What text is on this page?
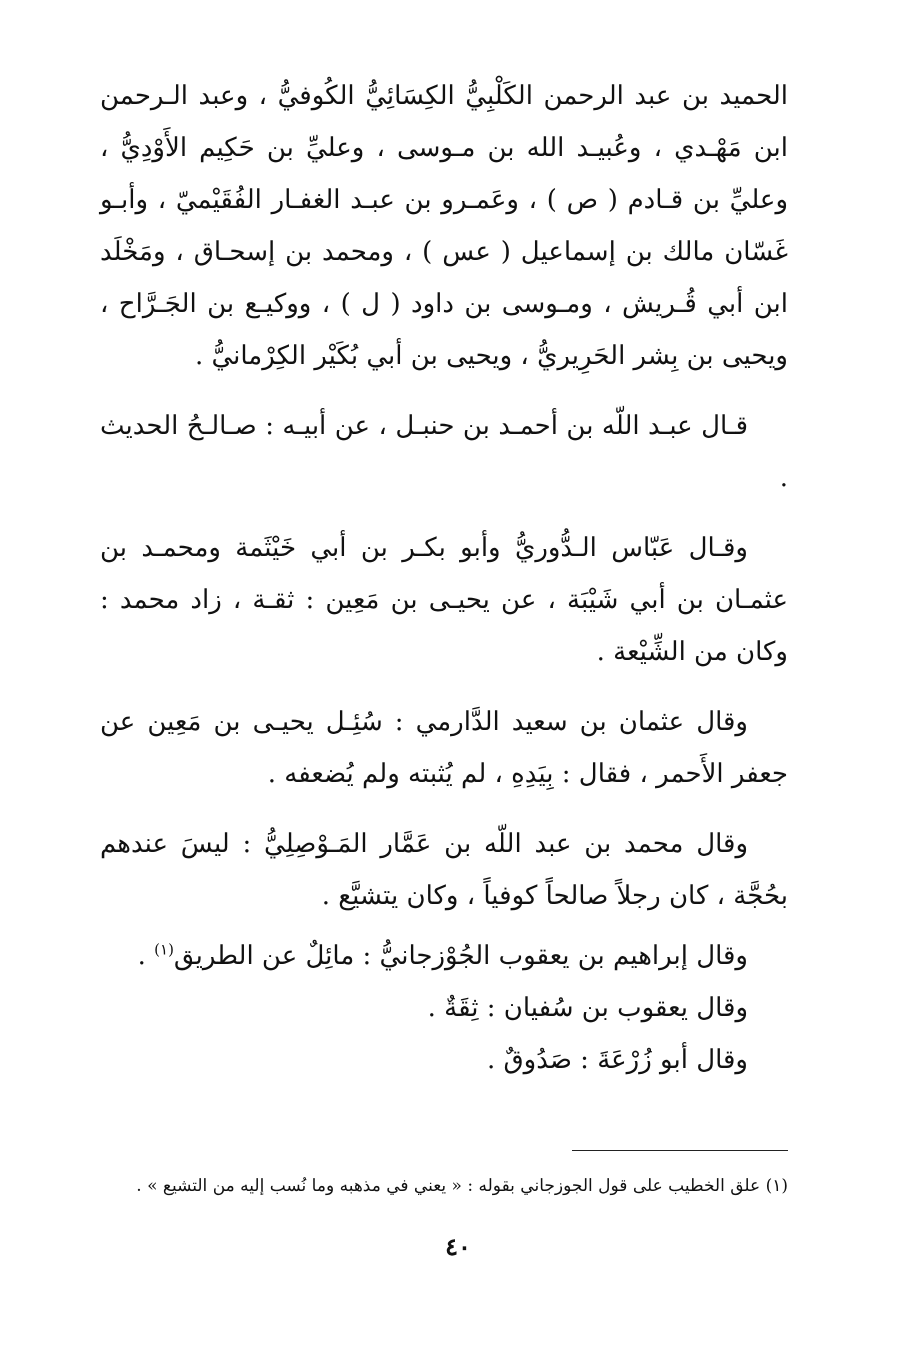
الحميد بن عبد الرحمن الكَلْبِيُّ الكِسَائِيُّ الكُوفيُّ ، وعبد الـرحمن ابن مَهْـدي ، وعُبيـد الله بن مـوسى ، وعليِّ بن حَكِيم الأَوْدِيُّ ، وعليِّ بن قـادم ( ص ) ، وعَمـرو بن عبـد الغفـار الفُقَيْميّ ، وأبـو غَسّان مالك بن إسماعيل ( عس ) ، ومحمد بن إسحـاق ، ومَخْلَد ابن أبي قُـريش ، ومـوسى بن داود ( ل ) ، ووكيـع بن الجَـرَّاح ، ويحيى بن بِشر الحَرِيريُّ ، ويحيى بن أبي بُكَيْر الكِرْمانيُّ .

قـال عبـد اللّه بن أحمـد بن حنبـل ، عن أبيـه : صـالـحُ الحديث .

وقـال عَبّاس الـدُّوريُّ وأبو بكـر بن أبي خَيْثَمة ومحمـد بن عثمـان بن أبي شَيْبَة ، عن يحيـى بن مَعِين : ثقـة ، زاد محمد : وكان من الشِّيْعة .

وقال عثمان بن سعيد الدَّارمي : سُئِـل يحيـى بن مَعِين عن جعفر الأَحمر ، فقال : بِيَدِهِ ، لم يُثبته ولم يُضعفه .

وقال محمد بن عبد اللّه بن عَمَّار المَـوْصِلِيُّ : ليسَ عندهم بحُجَّة ، كان رجلاً صالحاً كوفياً ، وكان يتشيَّع .

وقال إبراهيم بن يعقوب الجُوْزجانيُّ : مائِلٌ عن الطريق$^{(١)}$ .

وقال يعقوب بن سُفيان : ثِقَةٌ .

وقال أبو زُرْعَةَ : صَدُوقٌ .

(١) علق الخطيب على قول الجوزجاني بقوله : « يعني في مذهبه وما نُسب إليه من التشيع » .
٤٠
